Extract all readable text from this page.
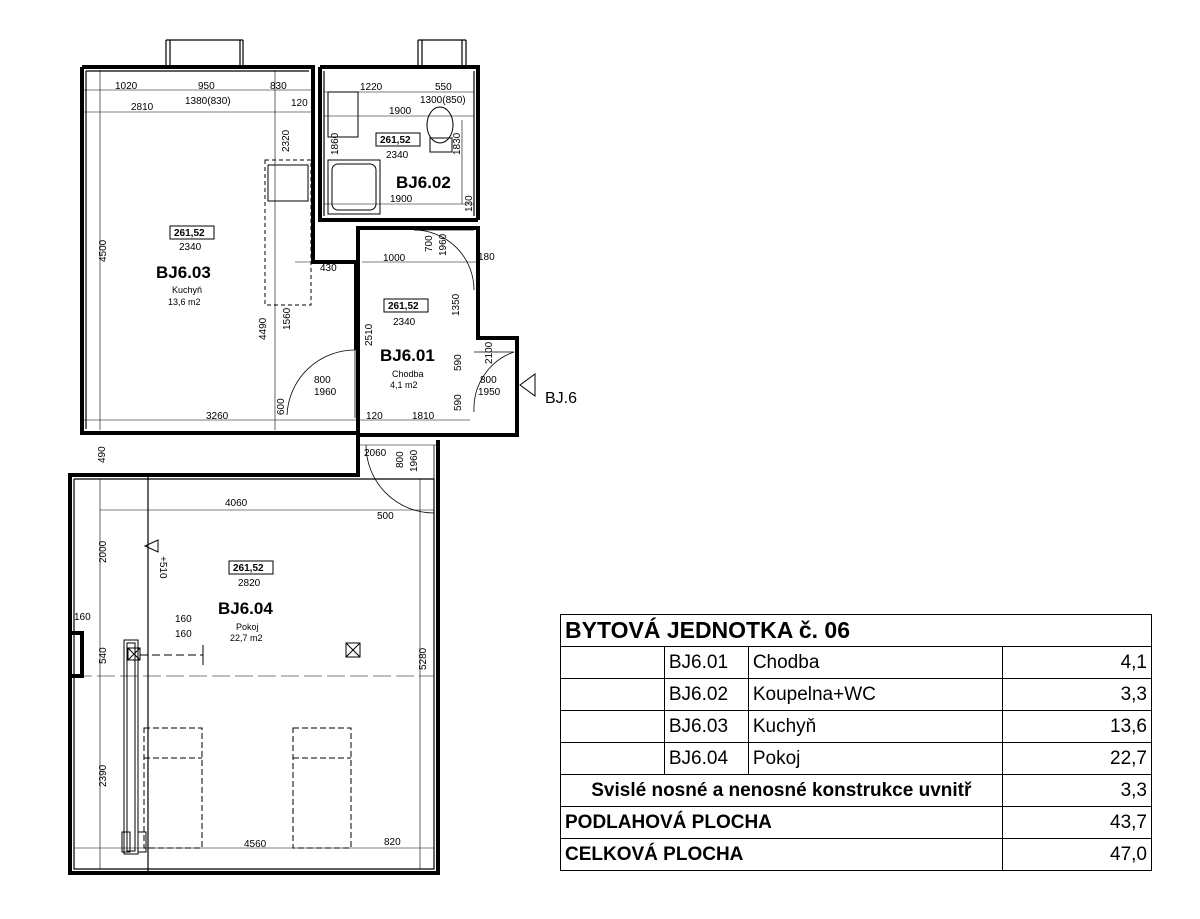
261,52
261,52
261,52
261,52
2340
BJ6.03
Kuchyň
13,6 m2
2340
BJ6.02
2340
BJ6.01
Chodba
4,1 m2
2820
BJ6.04
Pokoj
22,7 m2
BJ.6
+510
1020	950	830
2810
1380(830)	120
2320
4500
430
1560
4490
800
1960
600
3260	120	1810
1220	550
1300(850)
1900
1860	1830
1900	130
700 1960
1000	180
1350
2510
590
590
2100
800
1950
490	2060 800 1960
500
4060
2000
160	160
160
540	5280
2390
4560	820
BYTOVÁ JEDNOTKA č. 06			
	BJ6.01	Chodba	4,1
	BJ6.02	Koupelna+WC	3,3
	BJ6.03	Kuchyň	13,6
	BJ6.04	Pokoj	22,7
Svislé nosné a nenosné konstrukce uvnitř			3,3
PODLAHOVÁ PLOCHA			43,7
CELKOVÁ PLOCHA			47,0
